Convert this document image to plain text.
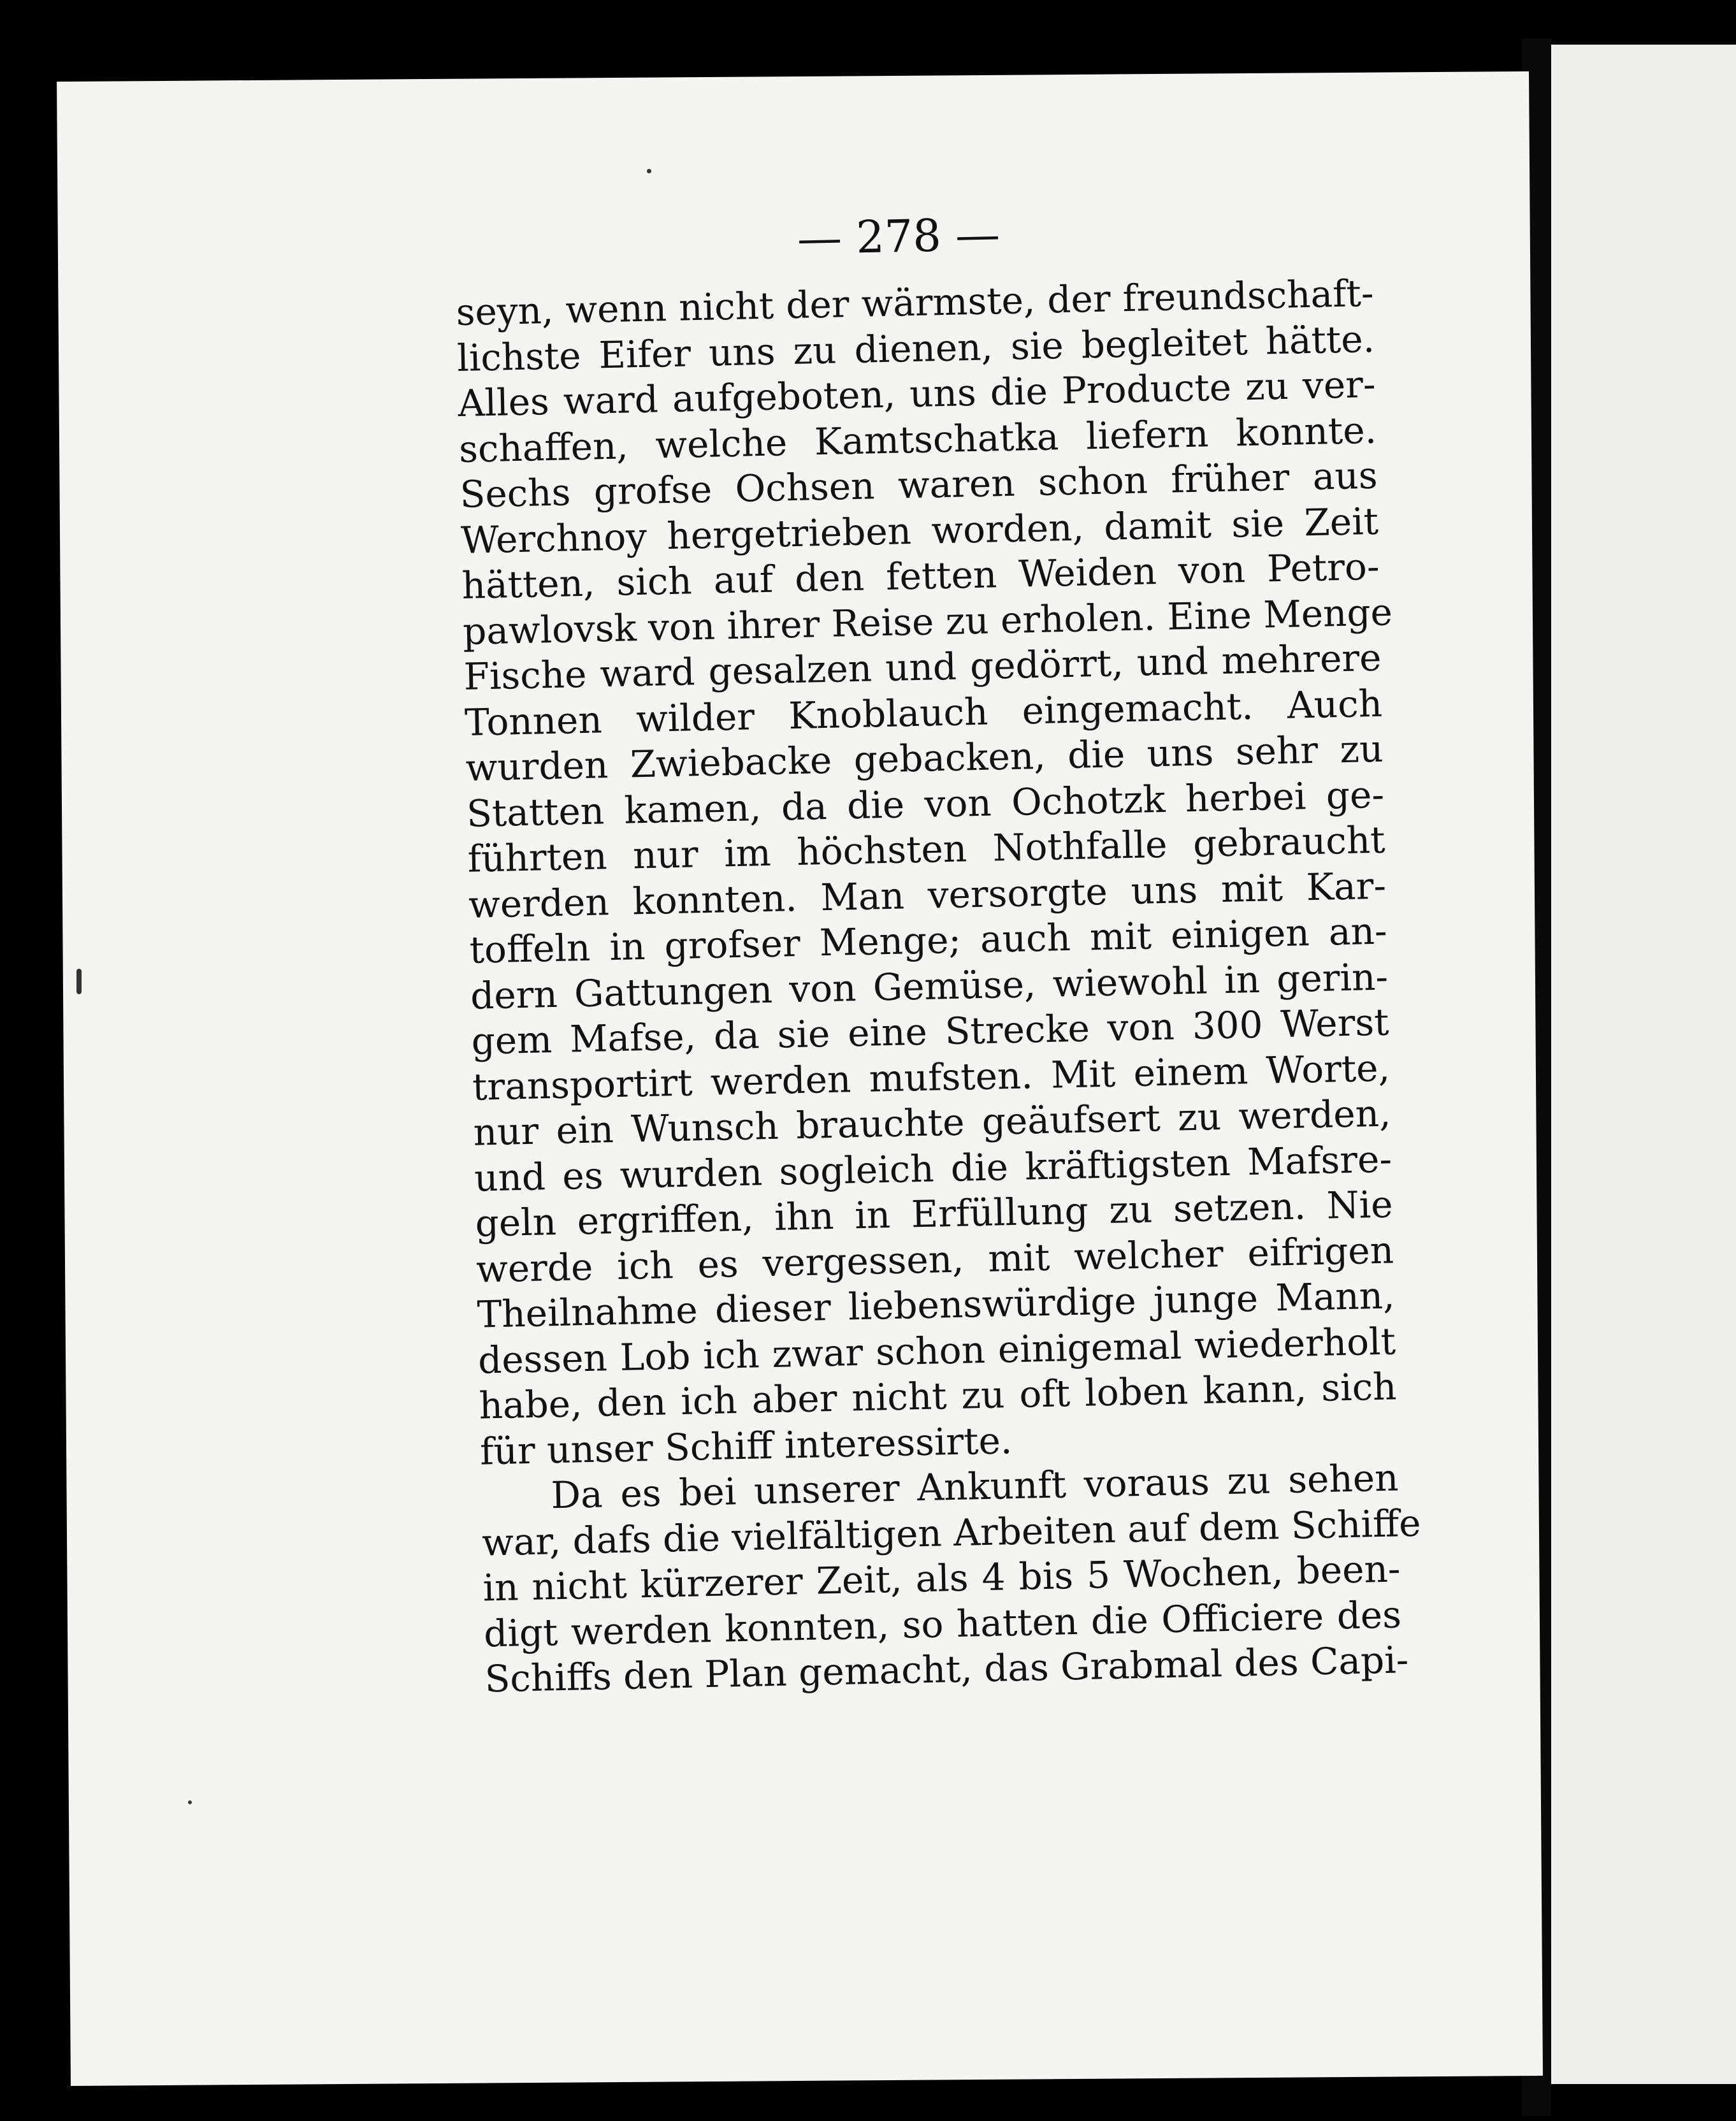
— 278 —
seyn, wenn nicht der wärmste, der freundschaft-
lichste Eifer uns zu dienen, sie begleitet hätte.
Alles ward aufgeboten, uns die Producte zu ver-
schaffen, welche Kamtschatka liefern konnte.
Sechs grofse Ochsen waren schon früher aus
Werchnoy hergetrieben worden, damit sie Zeit
hätten, sich auf den fetten Weiden von Petro-
pawlovsk von ihrer Reise zu erholen. Eine Menge
Fische ward gesalzen und gedörrt, und mehrere
Tonnen wilder Knoblauch eingemacht. Auch
wurden Zwiebacke gebacken, die uns sehr zu
Statten kamen, da die von Ochotzk herbei ge-
führten nur im höchsten Nothfalle gebraucht
werden konnten. Man versorgte uns mit Kar-
toffeln in grofser Menge; auch mit einigen an-
dern Gattungen von Gemüse, wiewohl in gerin-
gem Mafse, da sie eine Strecke von 300 Werst
transportirt werden mufsten. Mit einem Worte,
nur ein Wunsch brauchte geäufsert zu werden,
und es wurden sogleich die kräftigsten Mafsre-
geln ergriffen, ihn in Erfüllung zu setzen. Nie
werde ich es vergessen, mit welcher eifrigen
Theilnahme dieser liebenswürdige junge Mann,
dessen Lob ich zwar schon einigemal wiederholt
habe, den ich aber nicht zu oft loben kann, sich
für unser Schiff interessirte.
Da es bei unserer Ankunft voraus zu sehen
war, dafs die vielfältigen Arbeiten auf dem Schiffe
in nicht kürzerer Zeit, als 4 bis 5 Wochen, been-
digt werden konnten, so hatten die Officiere des
Schiffs den Plan gemacht, das Grabmal des Capi-
